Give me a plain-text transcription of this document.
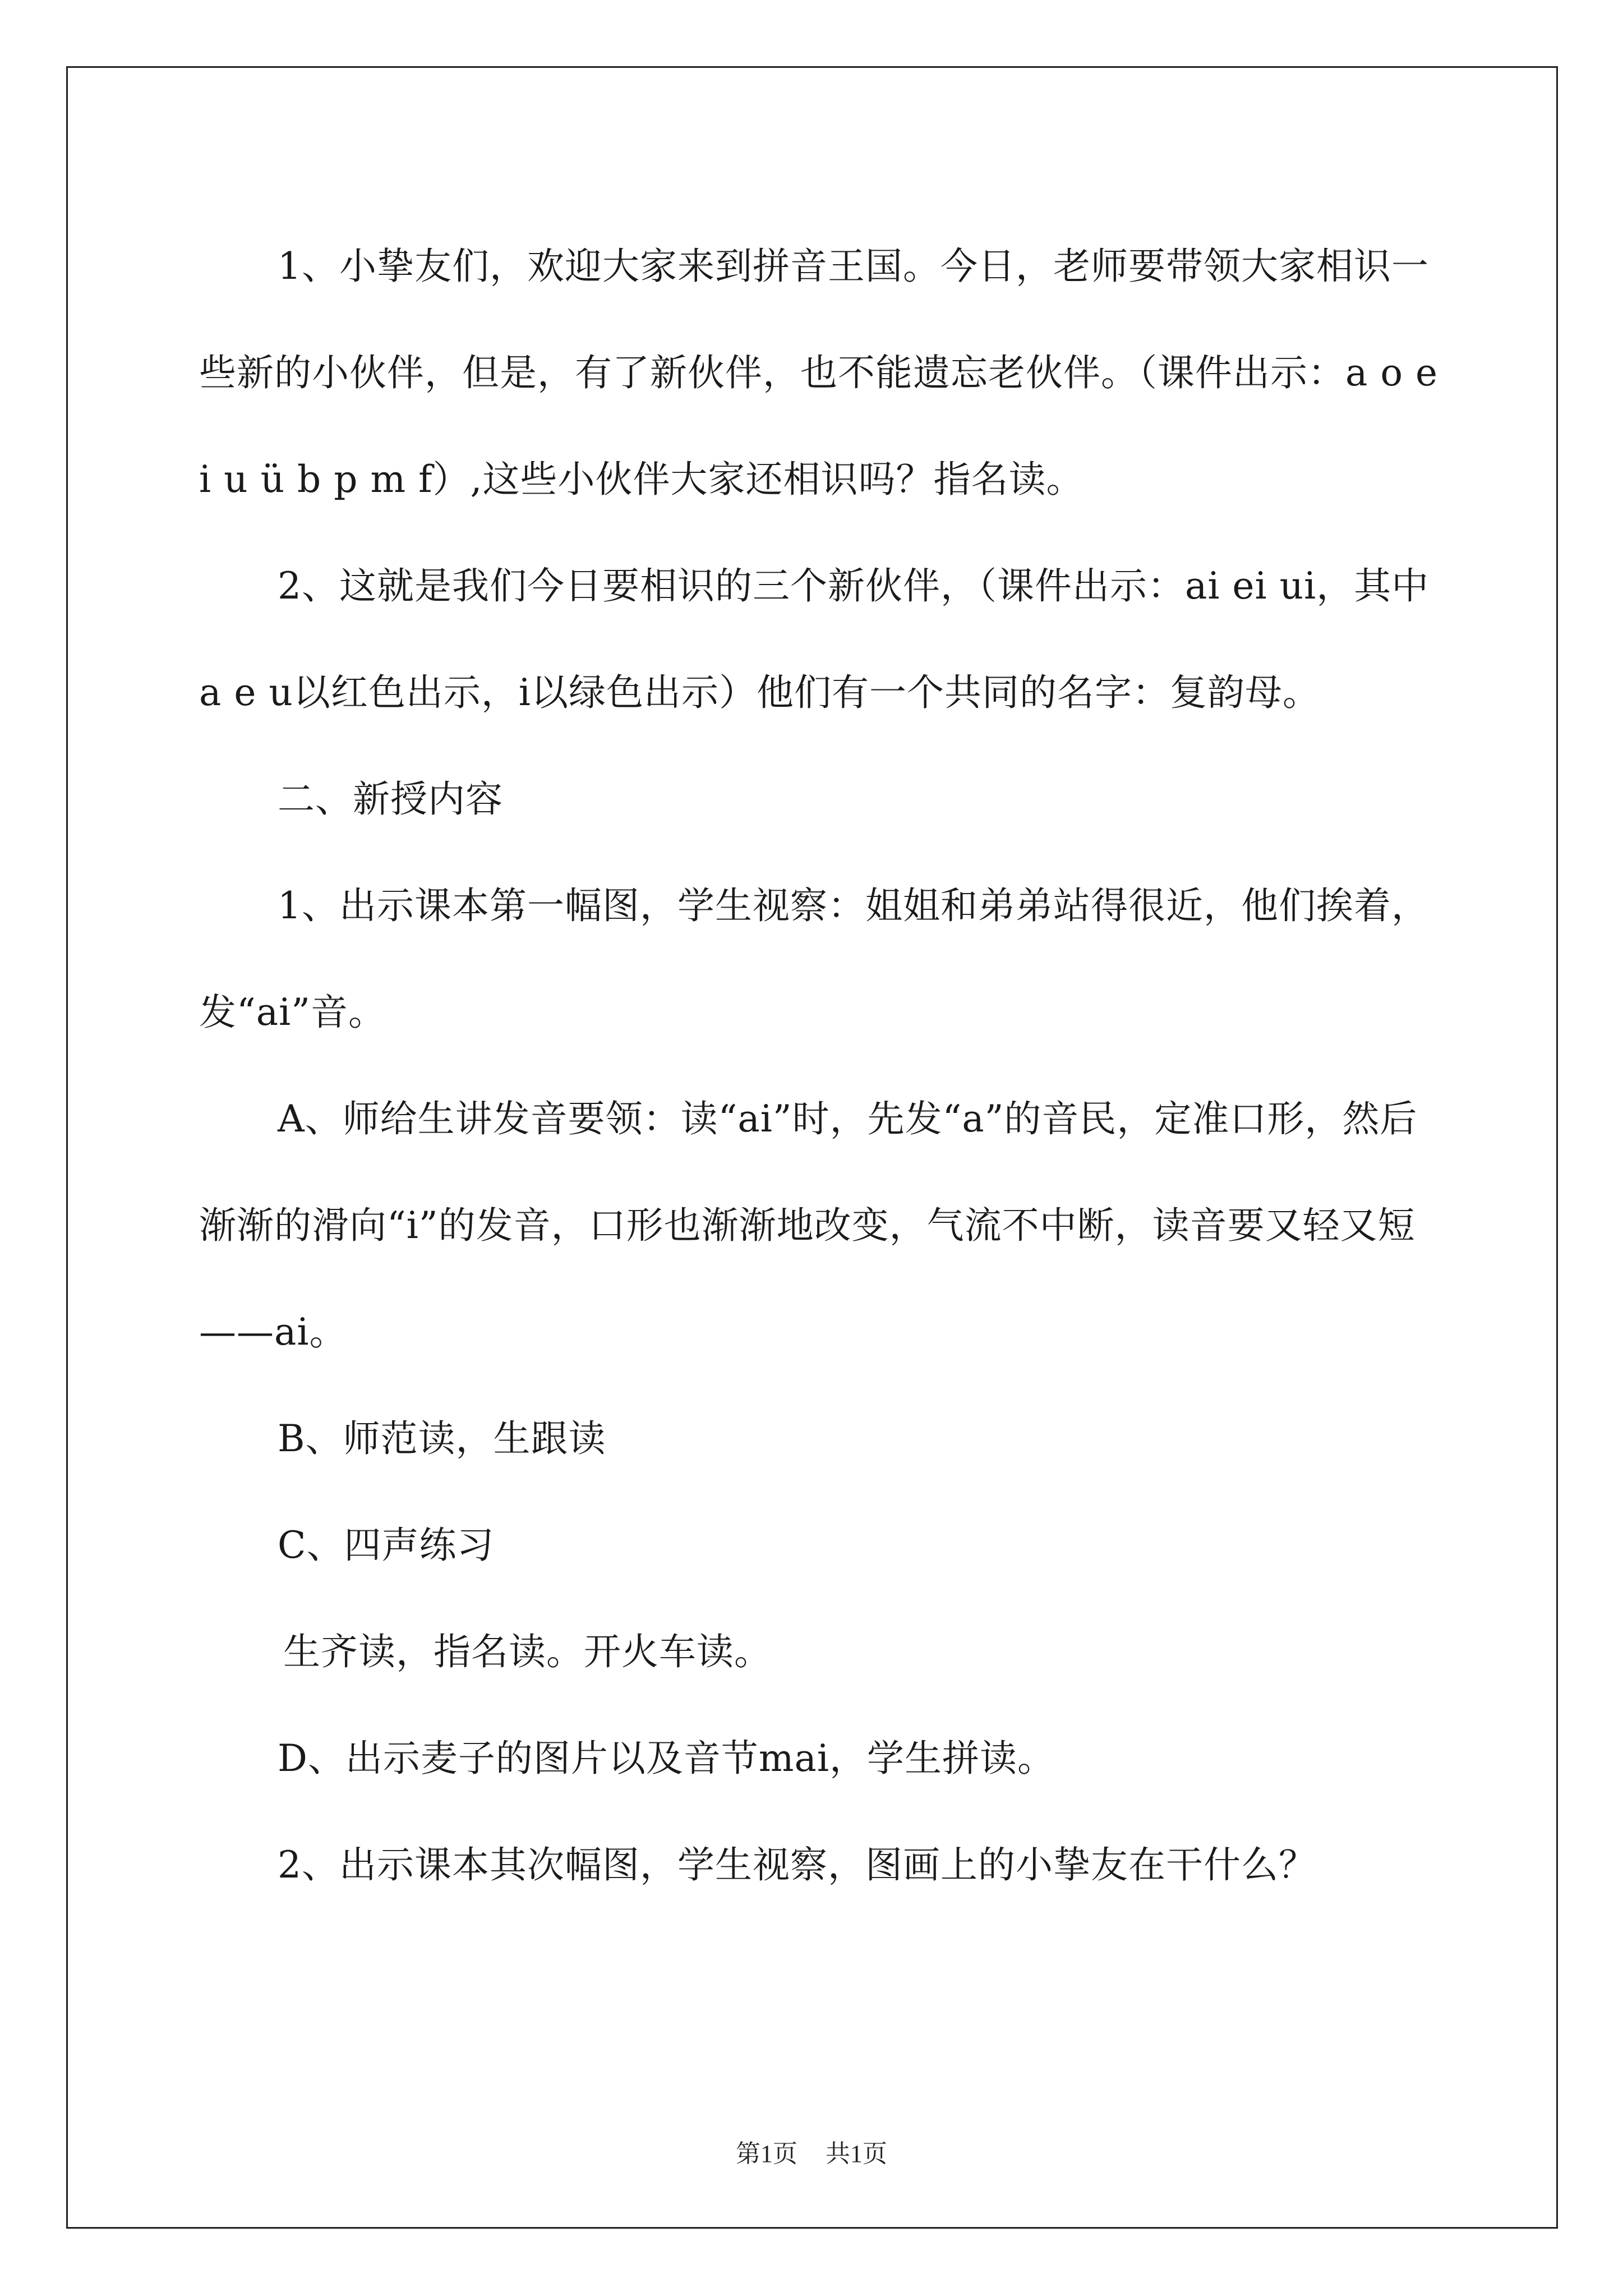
1、小挚友们，欢迎大家来到拼音王国。今日，老师要带领大家相识一些新的小伙伴，但是，有了新伙伴，也不能遗忘老伙伴。（课件出示：a o e i u ü b p m f）,这些小伙伴大家还相识吗？指名读。

2、这就是我们今日要相识的三个新伙伴，（课件出示：ai ei ui，其中a e u以红色出示，i以绿色出示）他们有一个共同的名字：复韵母。

二、新授内容

1、出示课本第一幅图，学生视察：姐姐和弟弟站得很近，他们挨着，发“ai”音。

A、师给生讲发音要领：读“ai”时，先发“a”的音民，定准口形，然后渐渐的滑向“i”的发音，口形也渐渐地改变，气流不中断，读音要又轻又短——ai。

B、师范读，生跟读

C、四声练习

生齐读，指名读。开火车读。

D、出示麦子的图片以及音节mai，学生拼读。

2、出示课本其次幅图，学生视察，图画上的小挚友在干什么？

第1页 共1页
